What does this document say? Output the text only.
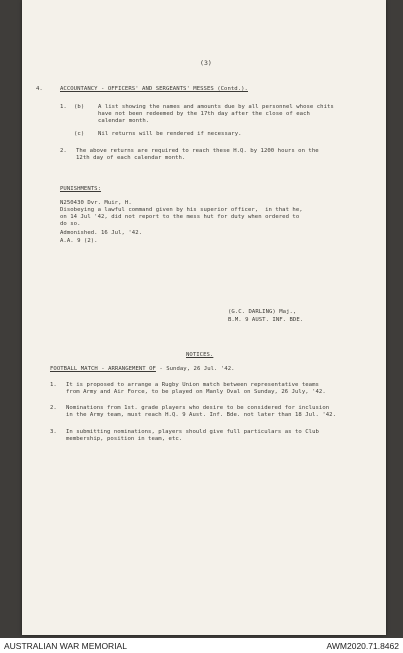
(3)
4.	ACCOUNTANCY - OFFICERS' AND SERGEANTS' MESSES (Contd.).
1. (b) A list showing the names and amounts due by all personnel whose chits
have not been redeemed by the 17th day after the close of each
calendar month.
(c) Nil returns will be rendered if necessary.
2. The above returns are required to reach these H.Q. by 1200 hours on the
12th day of each calendar month.
PUNISHMENTS:
N250430 Dvr. Muir, H.
Disobeying a lawful command given by his superior officer,  in that he,
on 14 Jul '42, did not report to the mess hut for duty when ordered to
do so.
Admonished. 16 Jul, '42.
A.A. 9 (2).
(G.C. DARLING) Maj.,
B.M. 9 AUST. INF. BDE.
NOTICES.
FOOTBALL MATCH - ARRANGEMENT OF - Sunday, 26 Jul. '42.
1. It is proposed to arrange a Rugby Union match between representative teams
from Army and Air Force, to be played on Manly Oval on Sunday, 26 July, '42.
2. Nominations from 1st. grade players who desire to be considered for inclusion
in the Army team, must reach H.Q. 9 Aust. Inf. Bde. not later than 18 Jul. '42.
3. In submitting nominations, players should give full particulars as to Club
membership, position in team, etc.
AUSTRALIAN WAR MEMORIAL	AWM2020.71.8462
